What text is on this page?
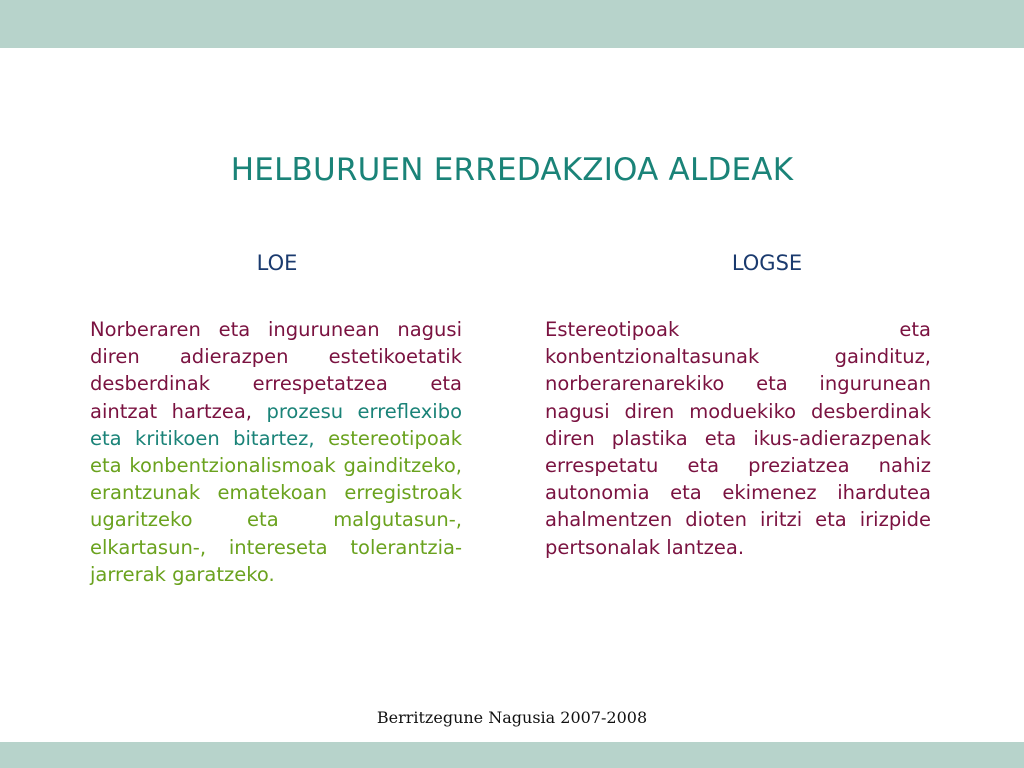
HELBURUEN ERREDAKZIOA ALDEAK
LOE	LOGSE
Norberaren eta ingurunean nagusi diren adierazpen estetikoetatik desberdinak errespetatzea eta aintzat hartzea, prozesu erreflexibo eta kritikoen bitartez, estereotipoak eta konbentzionalismoak gainditzeko, erantzunak ematekoan erregistroak ugaritzeko eta malgutasun-, elkartasun-, intereseta tolerantzia-jarrerak garatzeko.
Estereotipoak eta konbentzionaltasunak gaindituz, norberarenarekiko eta ingurunean nagusi diren moduekiko desberdinak diren plastika eta ikus-adierazpenak errespetatu eta preziatzea nahiz autonomia eta ekimenez ihardutea ahalmentzen dioten iritzi eta irizpide pertsonalak lantzea.
Berritzegune Nagusia 2007-2008
